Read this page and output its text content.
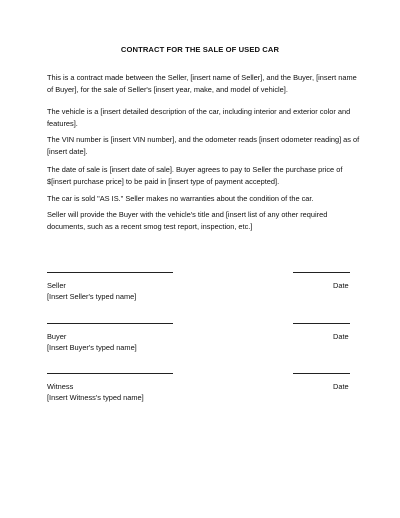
CONTRACT FOR THE SALE OF USED CAR

This is a contract made between the Seller, [insert name of Seller], and the Buyer, [insert name of Buyer], for the sale of Seller's [insert year, make, and model of vehicle].

The vehicle is a [insert detailed description of the car, including interior and exterior color and features].

The VIN number is [insert VIN number], and the odometer reads [insert odometer reading] as of [insert date].

The date of sale is [insert date of sale]. Buyer agrees to pay to Seller the purchase price of $[insert purchase price] to be paid in [insert type of payment accepted].

The car is sold "AS IS." Seller makes no warranties about the condition of the car.

Seller will provide the Buyer with the vehicle's title and [insert list of any other required documents, such as a recent smog test report, inspection, etc.]

Seller
[Insert Seller's typed name]
Date
Buyer
[Insert Buyer's typed name]
Date
Witness
[Insert Witness's typed name]
Date
